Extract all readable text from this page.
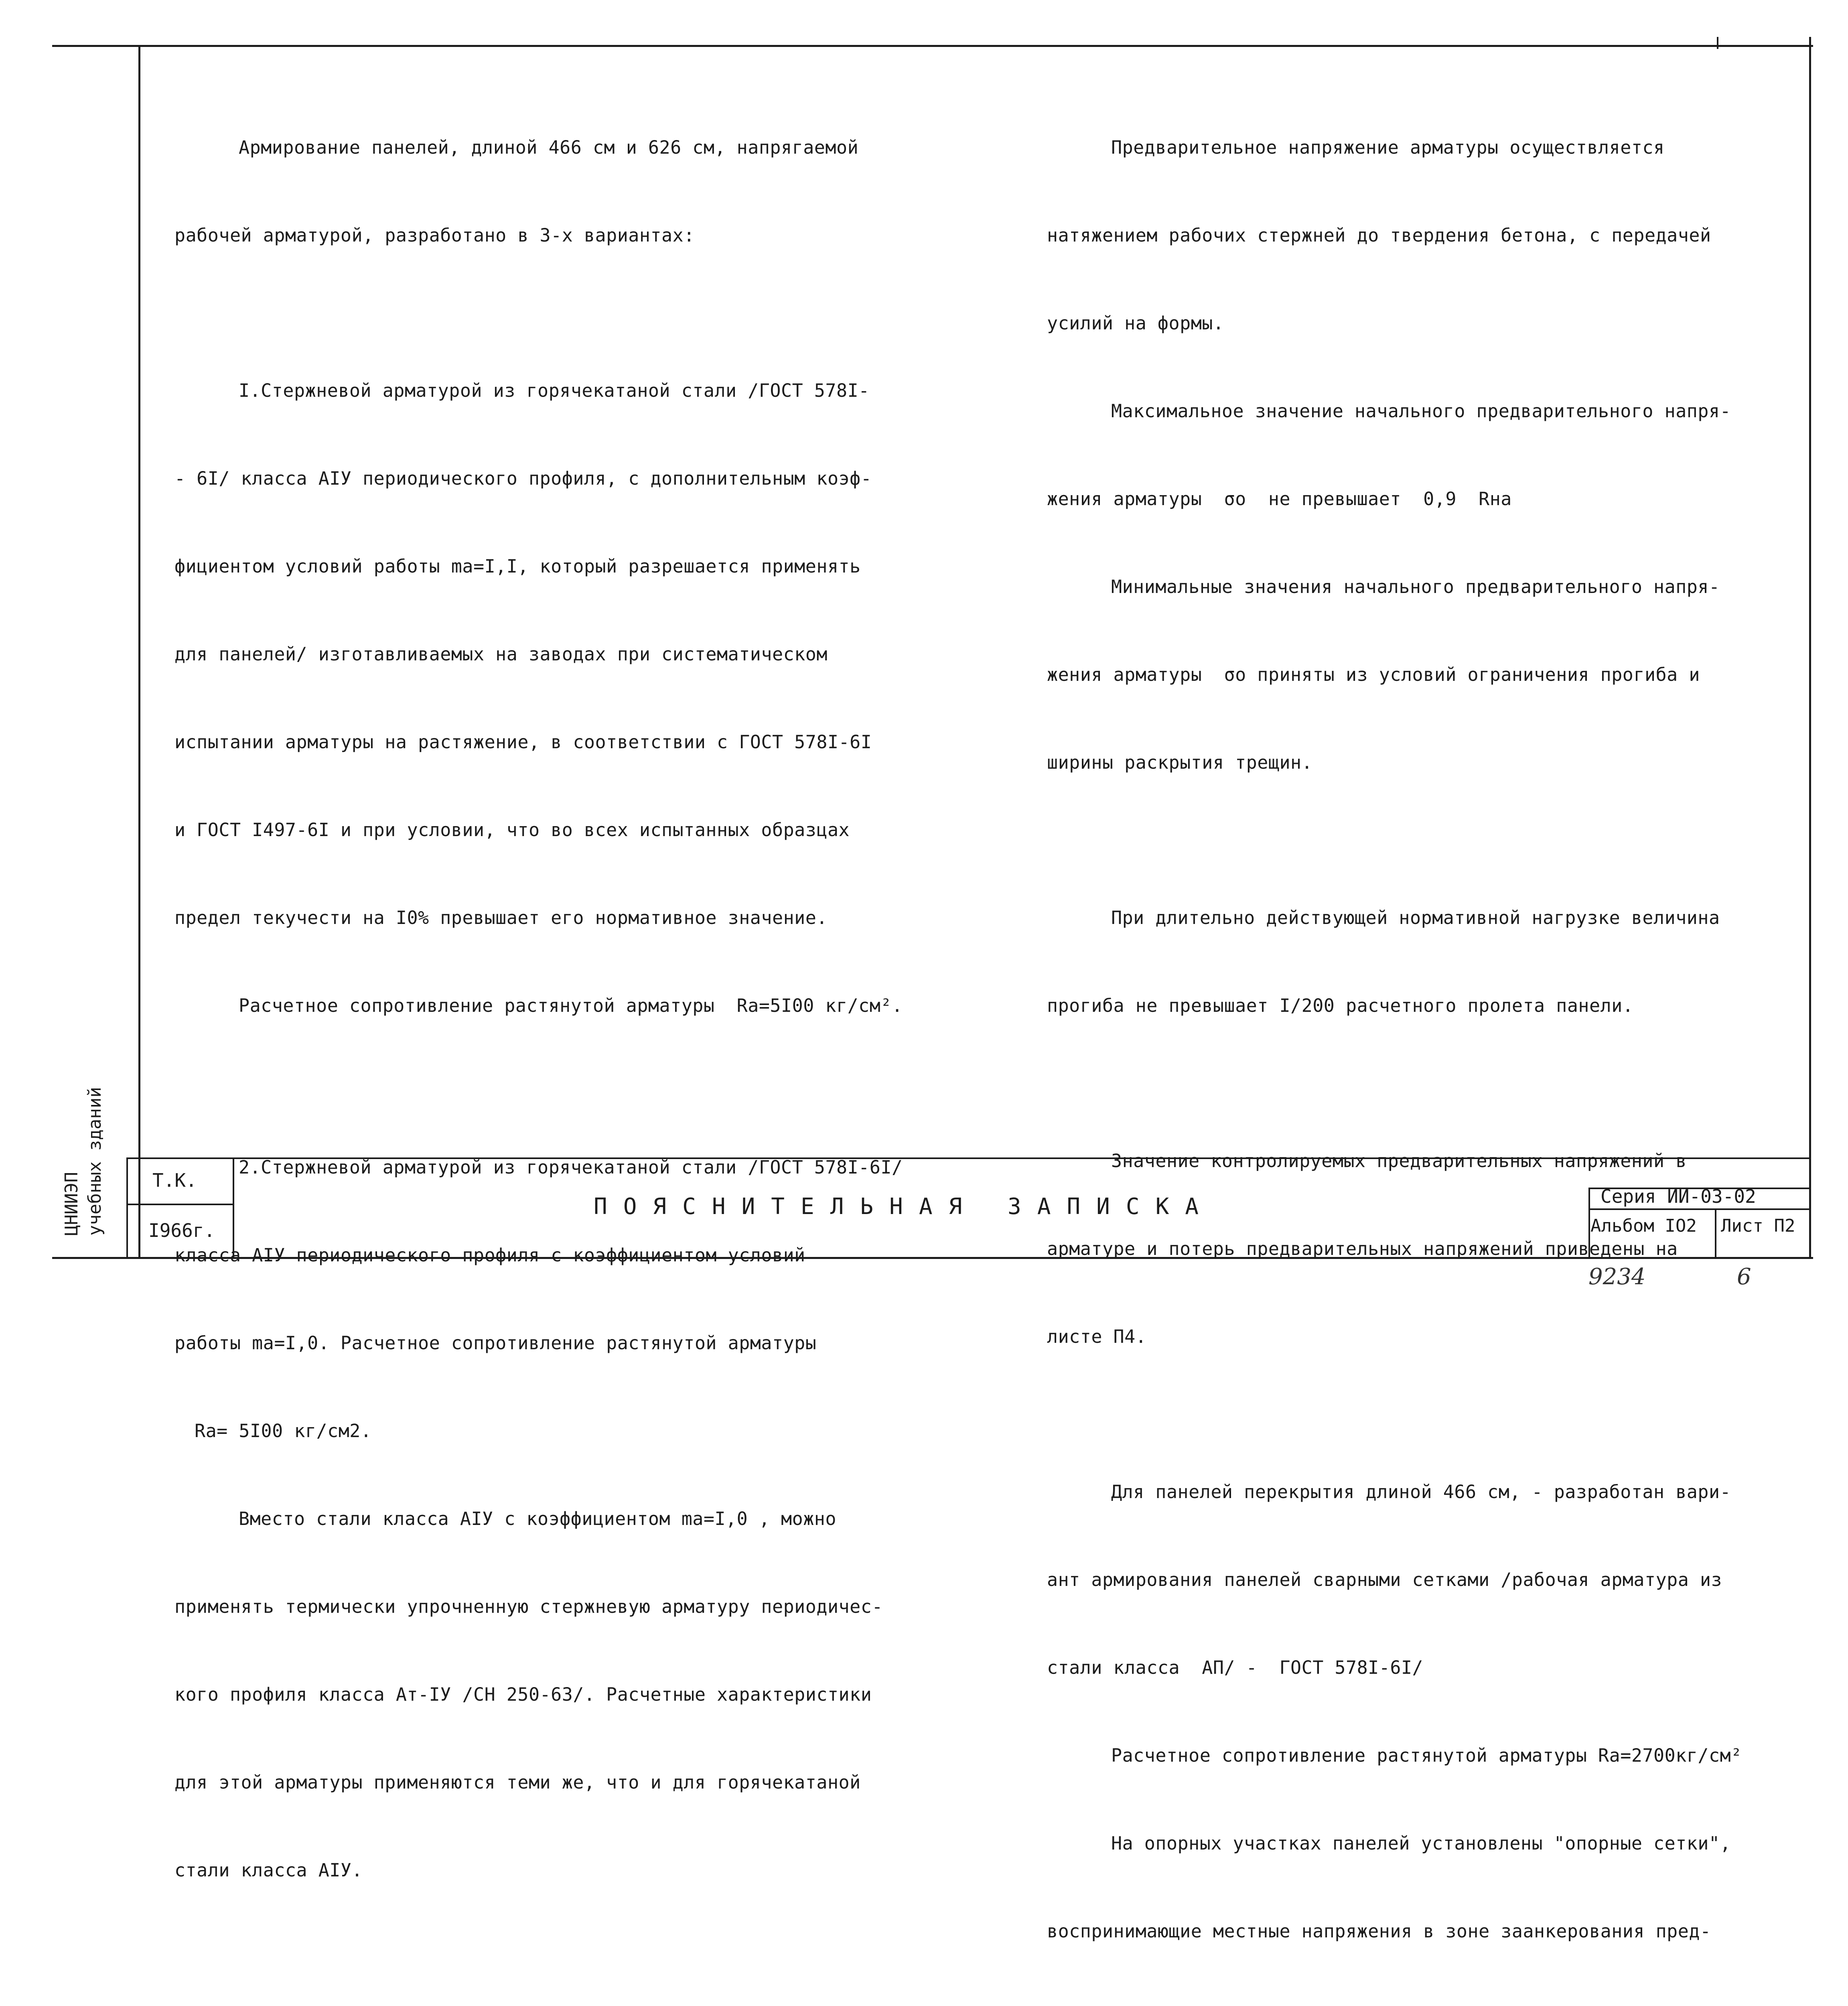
Армирование панелей, длиной 466 см и 626 см, напрягаемой

рабочей арматурой, разработано в 3-х вариантах:

I.Стержневой арматурой из горячекатаной стали /ГОСТ 578I-

- 6I/ класса AIУ периодического профиля, с дополнительным коэф-

фициентом условий работы mа=I,I, который разрешается применять

для панелей/ изготавливаемых на заводах при систематическом

испытании арматуры на растяжение, в соответствии с ГОСТ 578I-6I

и ГОСТ I497-6I и при условии, что во всех испытанных образцах

предел текучести на I0% превышает его нормативное значение.

Расчетное сопротивление растянутой арматуры  Rа=5I00 кг/см².

2.Стержневой арматурой из горячекатаной стали /ГОСТ 578I-6I/

класса AIУ периодического профиля с коэффициентом условий

работы mа=I,0. Расчетное сопротивление растянутой арматуры

Rа= 5I00 кг/см2.

Вместо стали класса AIУ с коэффициентом mа=I,0 , можно

применять термически упрочненную стержневую арматуру периодичес-

кого профиля класса Aт-IУ /СН 250-63/. Расчетные характеристики

для этой арматуры применяются теми же, что и для горячекатаной

стали класса AIУ.

Предварительное напряжение арматуры осуществляется

натяжением рабочих стержней до твердения бетона, с передачей

усилий на формы.

Максимальное значение начального предварительного напря-

жения арматуры  σо  не превышает  0,9  Rнa

Минимальные значения начального предварительного напря-

жения арматуры  σо приняты из условий ограничения прогиба и

ширины раскрытия трещин.

При длительно действующей нормативной нагрузке величина

прогиба не превышает I/200 расчетного пролета панели.

Значение контролируемых предварительных напряжений в

арматуре и потерь предварительных напряжений приведены на

листе П4.

Для панелей перекрытия длиной 466 см, - разработан вари-

ант армирования панелей сварными сетками /рабочая арматура из

стали класса  AП/ -  ГОСТ 578I-6I/

Расчетное сопротивление растянутой арматуры Rа=2700кг/см²

На опорных участках панелей установлены "опорные сетки",

воспринимающие местные напряжения в зоне заанкерования пред-

Т.К.
I966г.
ПОЯСНИТЕЛЬНАЯ ЗАПИСКА	Серия ИИ-03-02
Альбом IО2 Лист П2
ЦНИИЭП учебных зданий
9234	6
